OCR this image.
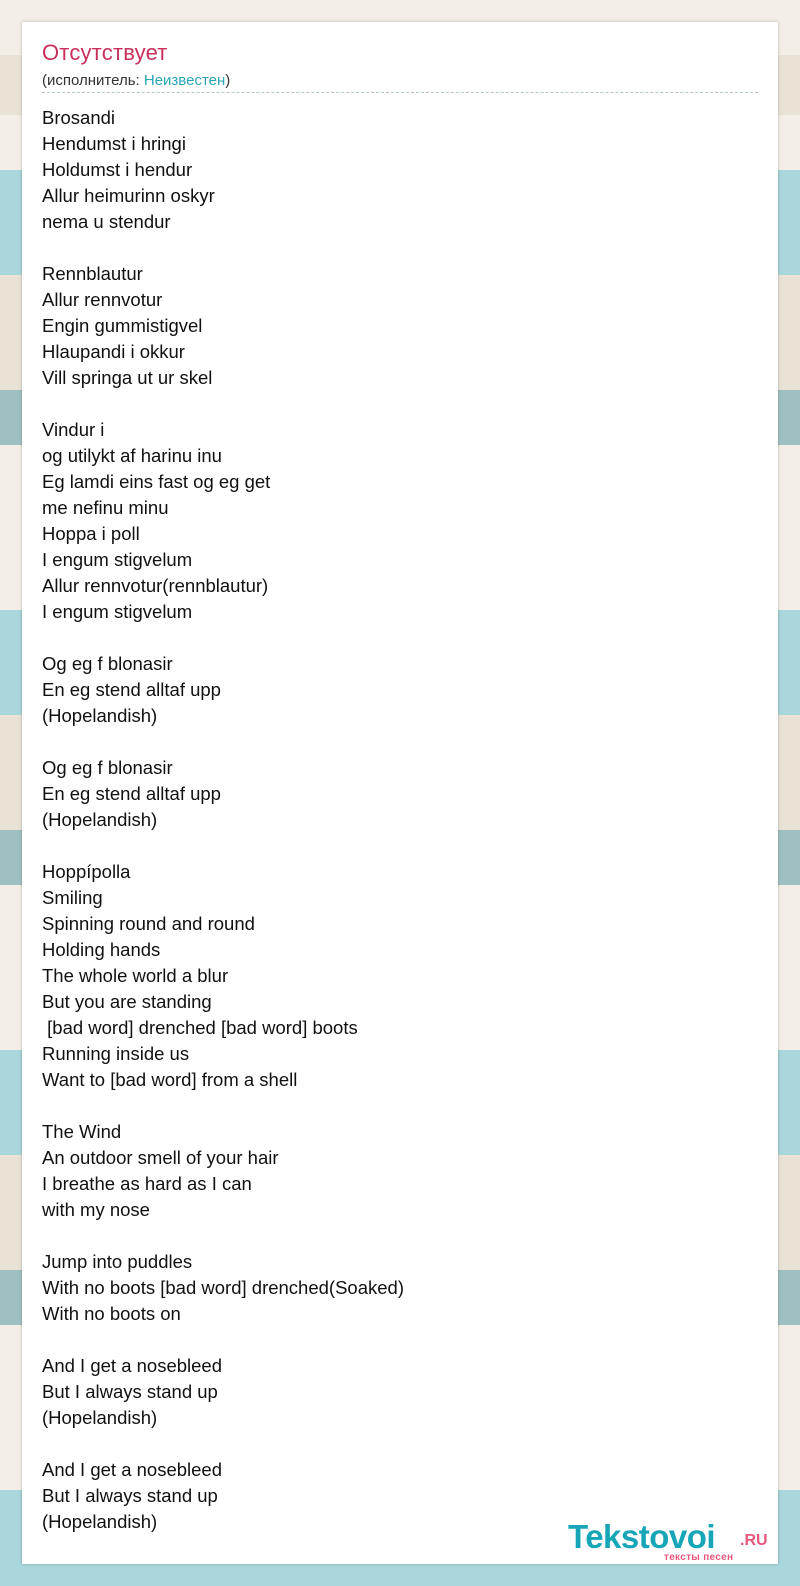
Отсутствует
(исполнитель: Неизвестен)
Brosandi
Hendumst i hringi
Holdumst i hendur
Allur heimurinn oskyr
nema u stendur
Rennblautur
Allur rennvotur
Engin gummistigvel
Hlaupandi i okkur
Vill springa ut ur skel
Vindur i
og utilykt af harinu inu
Eg lamdi eins fast og eg get
me nefinu minu
Hoppa i poll
I engum stigvelum
Allur rennvotur(rennblautur)
I engum stigvelum
Og eg f blonasir
En eg stend alltaf upp
(Hopelandish)
Og eg f blonasir
En eg stend alltaf upp
(Hopelandish)
Hoppípolla
Smiling
Spinning round and round
Holding hands
The whole world a blur
But you are standing
[bad word] drenched [bad word] boots
Running inside us
Want to [bad word] from a shell
The Wind
An outdoor smell of your hair
I breathe as hard as I can
with my nose
Jump into puddles
With no boots [bad word] drenched(Soaked)
With no boots on
And I get a nosebleed
But I always stand up
(Hopelandish)
And I get a nosebleed
But I always stand up
(Hopelandish)	Tekstovoi .RU
тексты песен
